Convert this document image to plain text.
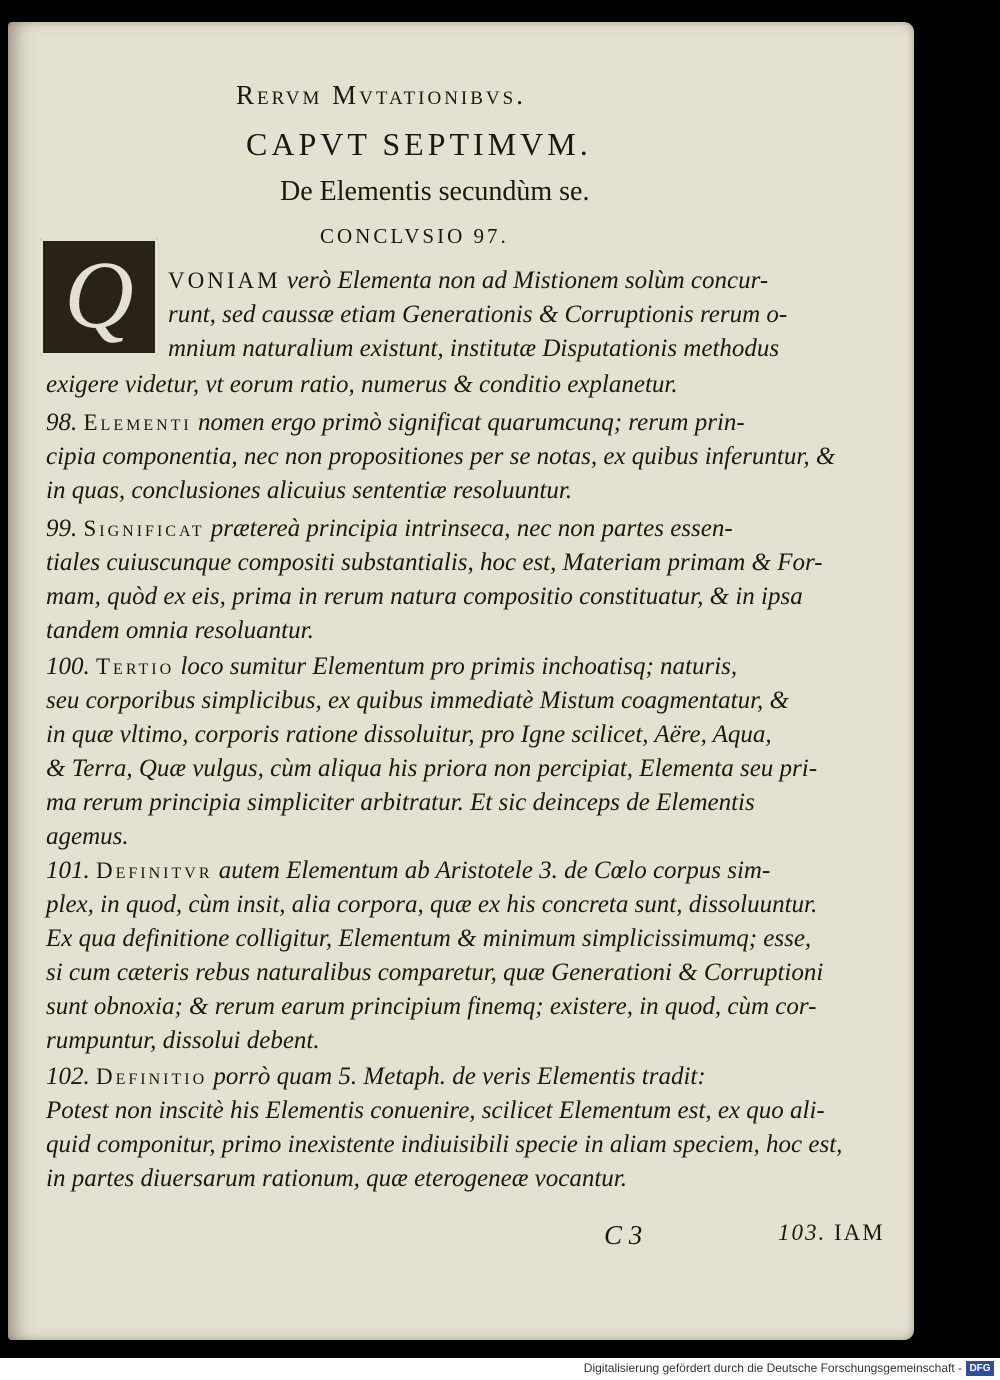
Rervm Mvtationibvs.
CAPVT SEPTIMVM.
De Elementis secundùm se.
CONCLVSIO 97.
Q	VONIAM verò Elementa non ad Mistionem solùm concur-
runt, sed caussæ etiam Generationis & Corruptionis rerum o-
mnium naturalium existunt, institutæ Disputationis methodus
exigere videtur, vt eorum ratio, numerus & conditio explanetur.
98. Elementi nomen ergo primò significat quarumcunq; rerum prin-
cipia componentia, nec non propositiones per se notas, ex quibus inferuntur, &
in quas, conclusiones alicuius sententiæ resoluuntur.
99. Significat prætereà principia intrinseca, nec non partes essen-
tiales cuiuscunque compositi substantialis, hoc est, Materiam primam & For-
mam, quòd ex eis, prima in rerum natura compositio constituatur, & in ipsa
tandem omnia resoluantur.
100. Tertio loco sumitur Elementum pro primis inchoatisq; naturis,
seu corporibus simplicibus, ex quibus immediatè Mistum coagmentatur, &
in quæ vltimo, corporis ratione dissoluitur, pro Igne scilicet, Aëre, Aqua,
& Terra, Quæ vulgus, cùm aliqua his priora non percipiat, Elementa seu pri-
ma rerum principia simpliciter arbitratur. Et sic deinceps de Elementis
agemus.
101. Definitvr autem Elementum ab Aristotele 3. de Cœlo corpus sim-
plex, in quod, cùm insit, alia corpora, quæ ex his concreta sunt, dissoluuntur.
Ex qua definitione colligitur, Elementum & minimum simplicissimumq; esse,
si cum cæteris rebus naturalibus comparetur, quæ Generationi & Corruptioni
sunt obnoxia; & rerum earum principium finemq; existere, in quod, cùm cor-
rumpuntur, dissolui debent.
102. Definitio porrò quam 5. Metaph. de veris Elementis tradit:
Potest non inscitè his Elementis conuenire, scilicet Elementum est, ex quo ali-
quid componitur, primo inexistente indiuisibili specie in aliam speciem, hoc est,
in partes diuersarum rationum, quæ eterogeneæ vocantur.
C 3	103. IAM
Digitalisierung gefördert durch die Deutsche Forschungsgemeinschaft - DFG
